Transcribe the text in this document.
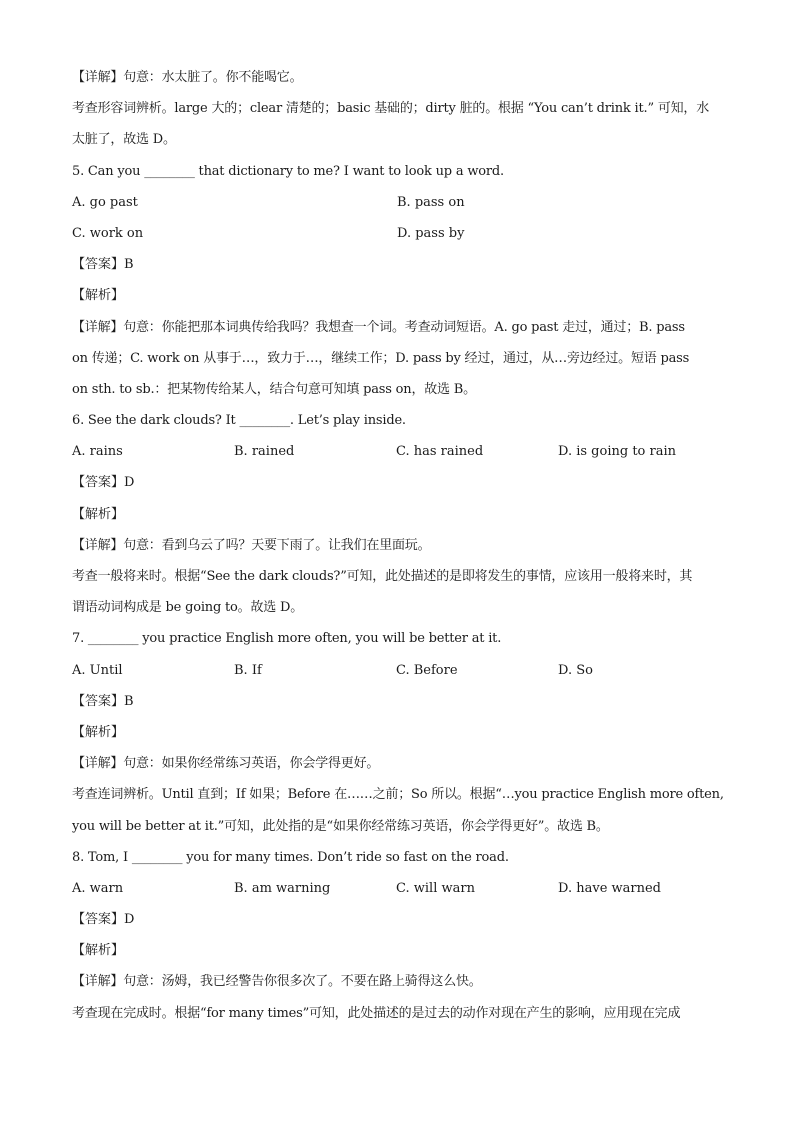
【详解】句意：水太脏了。你不能喝它。
考查形容词辨析。large 大的；clear 清楚的；basic 基础的；dirty 脏的。根据 “You can’t drink it.” 可知，水
太脏了，故选 D。
5. Can you ________ that dictionary to me? I want to look up a word.
A. go past	B. pass on
C. work on	D. pass by
【答案】B
【解析】
【详解】句意：你能把那本词典传给我吗？我想查一个词。考查动词短语。A. go past 走过，通过；B. pass
on 传递；C. work on 从事于…，致力于…，继续工作；D. pass by 经过，通过，从…旁边经过。短语 pass
on sth. to sb.：把某物传给某人，结合句意可知填 pass on，故选 B。
6. See the dark clouds? It ________. Let’s play inside.
A. rains	B. rained	C. has rained	D. is going to rain
【答案】D
【解析】
【详解】句意：看到乌云了吗？天要下雨了。让我们在里面玩。
考查一般将来时。根据“See the dark clouds?”可知，此处描述的是即将发生的事情，应该用一般将来时，其
谓语动词构成是 be going to。故选 D。
7. ________ you practice English more often, you will be better at it.
A. Until	B. If	C. Before	D. So
【答案】B
【解析】
【详解】句意：如果你经常练习英语，你会学得更好。
考查连词辨析。Until 直到；If 如果；Before 在……之前；So 所以。根据“…you practice English more often,
you will be better at it.”可知，此处指的是“如果你经常练习英语，你会学得更好”。故选 B。
8. Tom, I ________ you for many times. Don’t ride so fast on the road.
A. warn	B. am warning	C. will warn	D. have warned
【答案】D
【解析】
【详解】句意：汤姆，我已经警告你很多次了。不要在路上骑得这么快。
考查现在完成时。根据“for many times”可知，此处描述的是过去的动作对现在产生的影响，应用现在完成
